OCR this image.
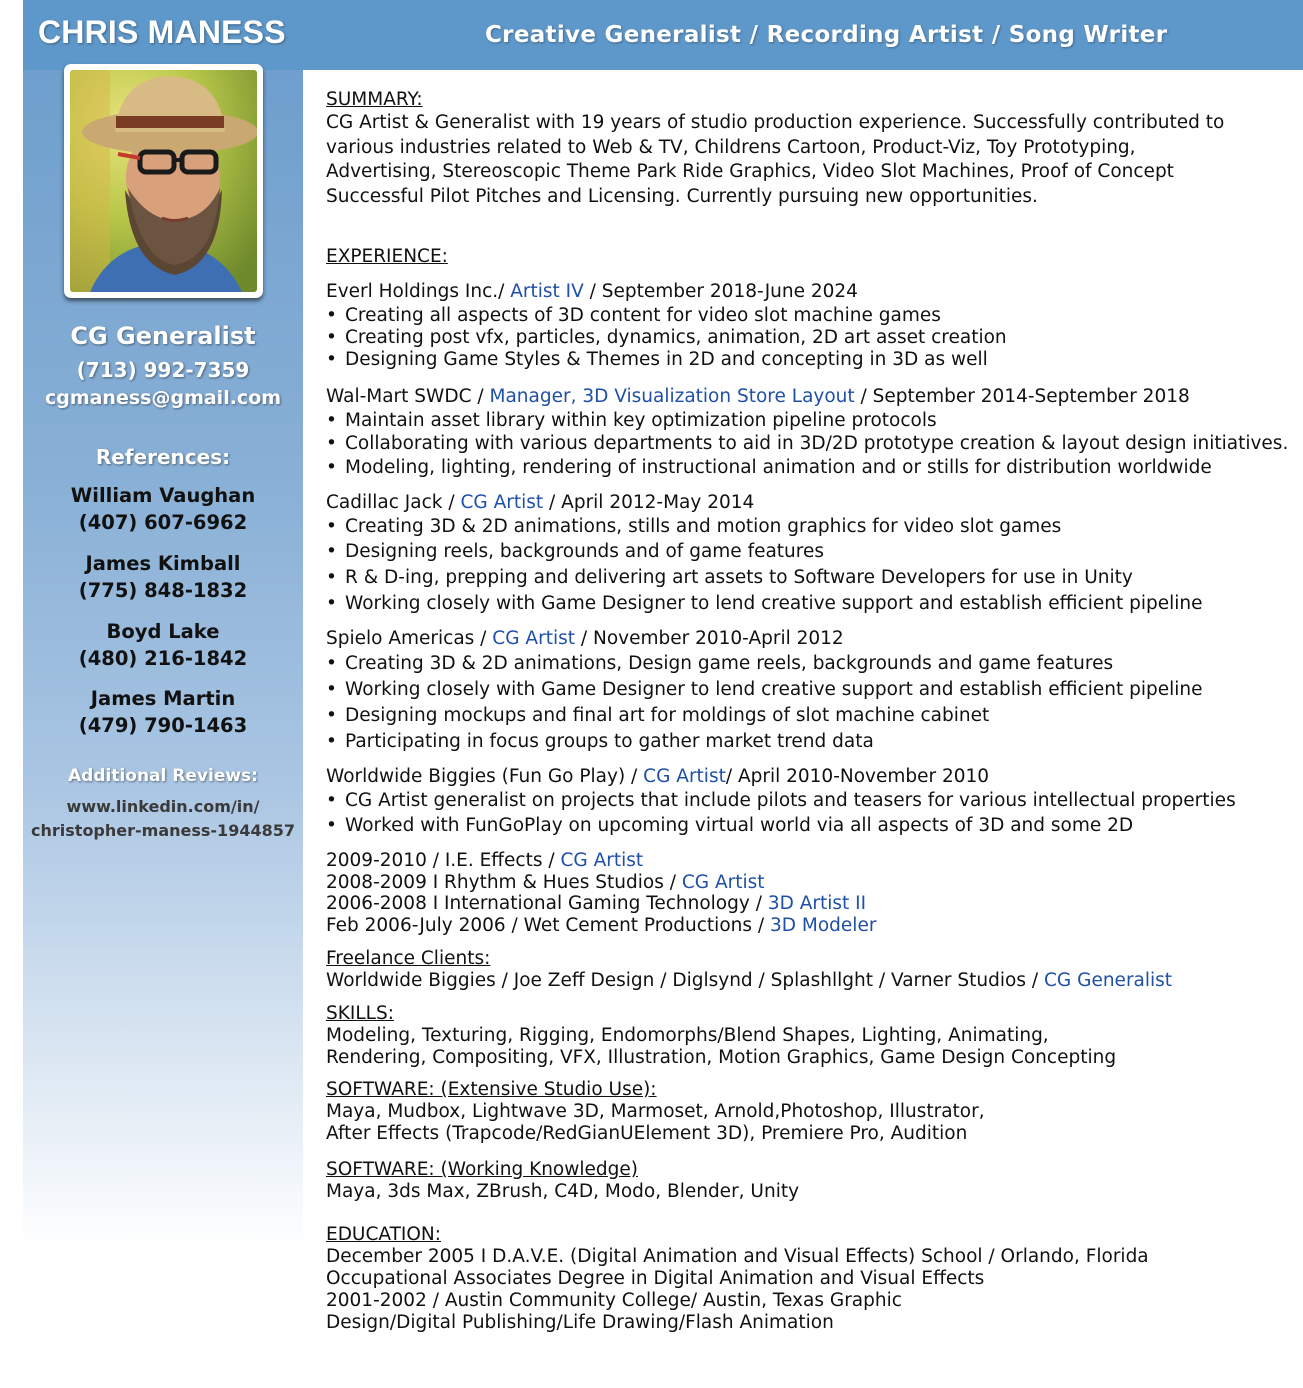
CHRIS MANESS	Creative Generalist / Recording Artist / Song Writer
CG Generalist
(713) 992-7359
cgmaness@gmail.com
References:
William Vaughan
(407) 607-6962
James Kimball
(775) 848-1832
Boyd Lake
(480) 216-1842
James Martin
(479) 790-1463
Additional Reviews:
www.linkedin.com/in/
christopher-maness-1944857
SUMMARY:
CG Artist & Generalist with 19 years of studio production experience. Successfully contributed to
various industries related to Web & TV, Childrens Cartoon, Product-Viz, Toy Prototyping,
Advertising, Stereoscopic Theme Park Ride Graphics, Video Slot Machines, Proof of Concept
Successful Pilot Pitches and Licensing. Currently pursuing new opportunities.
EXPERIENCE:
Everl Holdings Inc./ Artist IV / September 2018-June 2024
• Creating all aspects of 3D content for video slot machine games
• Creating post vfx, particles, dynamics, animation, 2D art asset creation
• Designing Game Styles & Themes in 2D and concepting in 3D as well
Wal-Mart SWDC / Manager, 3D Visualization Store Layout / September 2014-September 2018
• Maintain asset library within key optimization pipeline protocols
• Collaborating with various departments to aid in 3D/2D prototype creation & layout design initiatives.
• Modeling, lighting, rendering of instructional animation and or stills for distribution worldwide
Cadillac Jack / CG Artist / April 2012-May 2014
• Creating 3D & 2D animations, stills and motion graphics for video slot games
• Designing reels, backgrounds and of game features
• R & D-ing, prepping and delivering art assets to Software Developers for use in Unity
• Working closely with Game Designer to lend creative support and establish efficient pipeline
Spielo Americas / CG Artist / November 2010-April 2012
• Creating 3D & 2D animations, Design game reels, backgrounds and game features
• Working closely with Game Designer to lend creative support and establish efficient pipeline
• Designing mockups and final art for moldings of slot machine cabinet
• Participating in focus groups to gather market trend data
Worldwide Biggies (Fun Go Play) / CG Artist/ April 2010-November 2010
• CG Artist generalist on projects that include pilots and teasers for various intellectual properties
• Worked with FunGoPlay on upcoming virtual world via all aspects of 3D and some 2D
2009-2010 / I.E. Effects / CG Artist
2008-2009 I Rhythm & Hues Studios / CG Artist
2006-2008 I International Gaming Technology / 3D Artist II
Feb 2006-July 2006 / Wet Cement Productions / 3D Modeler
Freelance Clients:
Worldwide Biggies / Joe Zeff Design / Diglsynd / Splashllght / Varner Studios / CG Generalist
SKILLS:
Modeling, Texturing, Rigging, Endomorphs/Blend Shapes, Lighting, Animating,
Rendering, Compositing, VFX, Illustration, Motion Graphics, Game Design Concepting
SOFTWARE: (Extensive Studio Use):
Maya, Mudbox, Lightwave 3D, Marmoset, Arnold,Photoshop, Illustrator,
After Effects (Trapcode/RedGianUElement 3D), Premiere Pro, Audition
SOFTWARE: (Working Knowledge)
Maya, 3ds Max, ZBrush, C4D, Modo, Blender, Unity
EDUCATION:
December 2005 I D.A.V.E. (Digital Animation and Visual Effects) School / Orlando, Florida
Occupational Associates Degree in Digital Animation and Visual Effects
2001-2002 / Austin Community College/ Austin, Texas Graphic
Design/Digital Publishing/Life Drawing/Flash Animation
